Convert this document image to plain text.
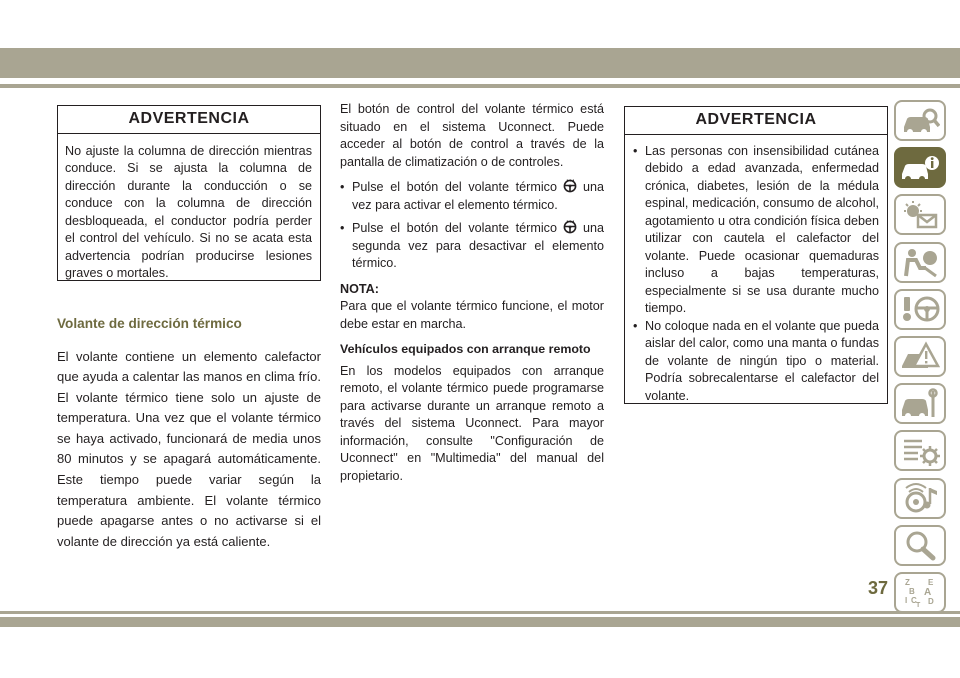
ADVERTENCIA
No ajuste la columna de dirección mientras conduce. Si se ajusta la columna de dirección durante la conducción o se conduce con la columna de dirección desbloqueada, el conductor podría perder el control del vehículo. Si no se acata esta advertencia podrían producirse lesiones graves o mortales.
Volante de dirección térmico

El volante contiene un elemento calefactor que ayuda a calentar las manos en clima frío. El volante térmico tiene solo un ajuste de temperatura. Una vez que el volante térmico se haya activado, funcionará de media unos 80 minutos y se apagará automáticamente. Este tiempo puede variar según la temperatura ambiente. El volante térmico puede apagarse antes o no activarse si el volante de dirección ya está caliente.

El botón de control del volante térmico está situado en el sistema Uconnect. Puede acceder al botón de control a través de la pantalla de climatización o de controles.

• Pulse el botón del volante térmico una vez para activar el elemento térmico.
• Pulse el botón del volante térmico una segunda vez para desactivar el elemento térmico.
NOTA:

Para que el volante térmico funcione, el motor debe estar en marcha.

Vehículos equipados con arranque remoto

En los modelos equipados con arranque remoto, el volante térmico puede programarse para activarse durante un arranque remoto a través del sistema Uconnect. Para mayor información, consulte "Configuración de Uconnect" en "Multimedia" del manual del propietario.

ADVERTENCIA
• Las personas con insensibilidad cutánea debido a edad avanzada, enfermedad crónica, diabetes, lesión de la médula espinal, medicación, consumo de alcohol, agotamiento u otra condición física deben utilizar con cautela el calefactor del volante. Puede ocasionar quemaduras incluso a bajas temperaturas, especialmente si se usa durante mucho tiempo.
• No coloque nada en el volante que pueda aislar del calor, como una manta o fundas de volante de ningún tipo o material. Podría sobrecalentarse el calefactor del volante.
Z E
B A
I C
T D
37
